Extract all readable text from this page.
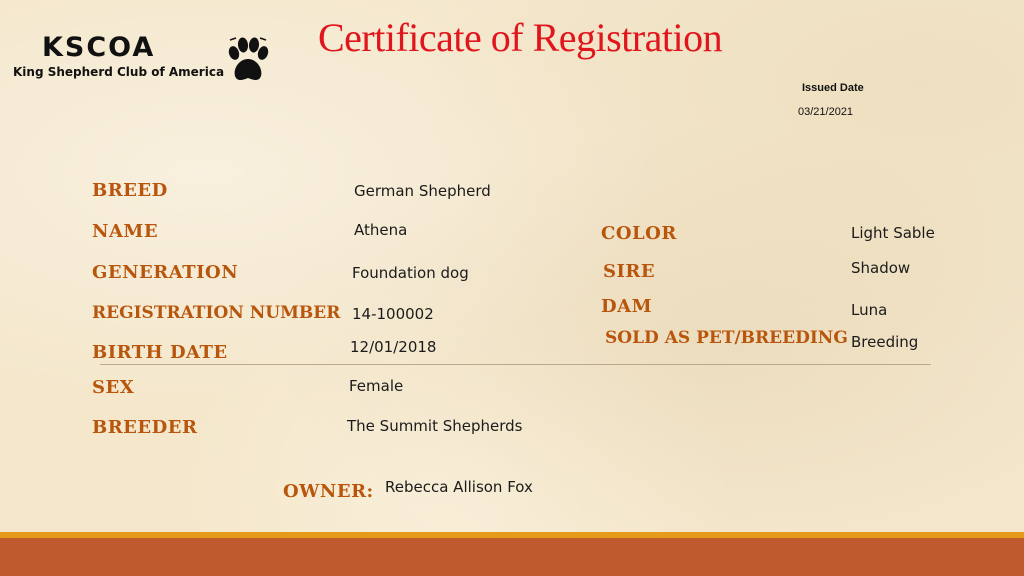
KSCOA
King Shepherd Club of America
Certificate of Registration
Issued Date
03/21/2021
BREED	German Shepherd
NAME	Athena
GENERATION	Foundation dog
REGISTRATION NUMBER 14-100002
BIRTH DATE	12/01/2018
SEX	Female
BREEDER	The Summit Shepherds
COLOR	Light Sable
SIRE	Shadow
DAM	Luna
SOLD AS PET/BREEDING Breeding
OWNER: Rebecca Allison Fox
